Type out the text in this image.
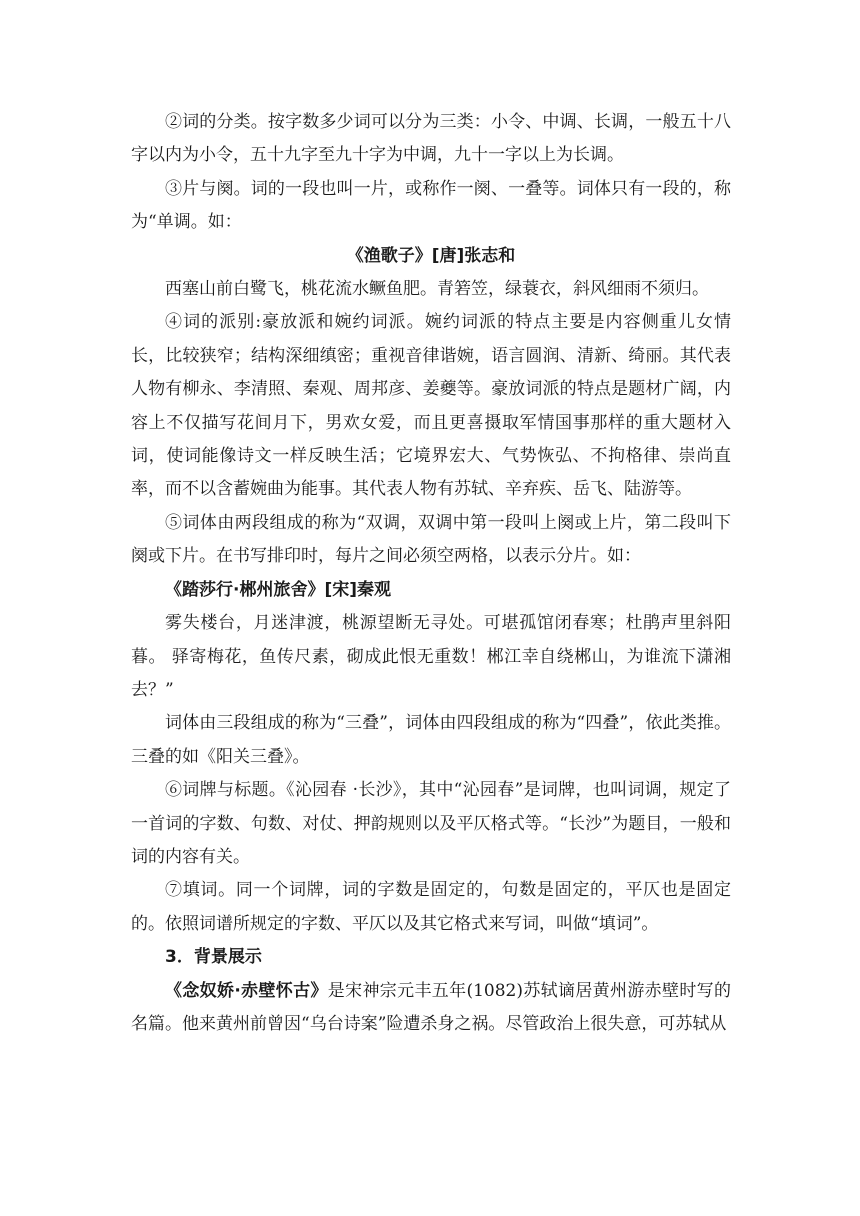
②词的分类。按字数多少词可以分为三类：小令、中调、长调，一般五十八字以内为小令，五十九字至九十字为中调，九十一字以上为长调。

③片与阕。词的一段也叫一片，或称作一阕、一叠等。词体只有一段的，称为“单调。如：

《渔歌子》[唐]张志和

西塞山前白鹭飞，桃花流水鳜鱼肥。青箬笠，绿蓑衣，斜风细雨不须归。

④词的派别:豪放派和婉约词派。婉约词派的特点主要是内容侧重儿女情长，比较狭窄；结构深细缜密；重视音律谐婉，语言圆润、清新、绮丽。其代表人物有柳永、李清照、秦观、周邦彦、姜夔等。豪放词派的特点是题材广阔，内容上不仅描写花间月下，男欢女爱，而且更喜摄取军情国事那样的重大题材入词，使词能像诗文一样反映生活；它境界宏大、气势恢弘、不拘格律、崇尚直率，而不以含蓄婉曲为能事。其代表人物有苏轼、辛弃疾、岳飞、陆游等。

⑤词体由两段组成的称为“双调，双调中第一段叫上阕或上片，第二段叫下阕或下片。在书写排印时，每片之间必须空两格，以表示分片。如：

《踏莎行·郴州旅舍》[宋]秦观

雾失楼台，月迷津渡，桃源望断无寻处。可堪孤馆闭春寒；杜鹃声里斜阳暮。 驿寄梅花，鱼传尺素，砌成此恨无重数！郴江幸自绕郴山，为谁流下潇湘去？”

词体由三段组成的称为“三叠”，词体由四段组成的称为“四叠”，依此类推。三叠的如《阳关三叠》。

⑥词牌与标题。《沁园春 ·长沙》，其中“沁园春”是词牌，也叫词调，规定了一首词的字数、句数、对仗、押韵规则以及平仄格式等。“长沙”为题目，一般和词的内容有关。

⑦填词。同一个词牌，词的字数是固定的，句数是固定的，平仄也是固定的。依照词谱所规定的字数、平仄以及其它格式来写词，叫做“填词”。

3．背景展示

《念奴娇·赤壁怀古》是宋神宗元丰五年(1082)苏轼谪居黄州游赤壁时写的名篇。他来黄州前曾因“乌台诗案”险遭杀身之祸。尽管政治上很失意，可苏轼从
